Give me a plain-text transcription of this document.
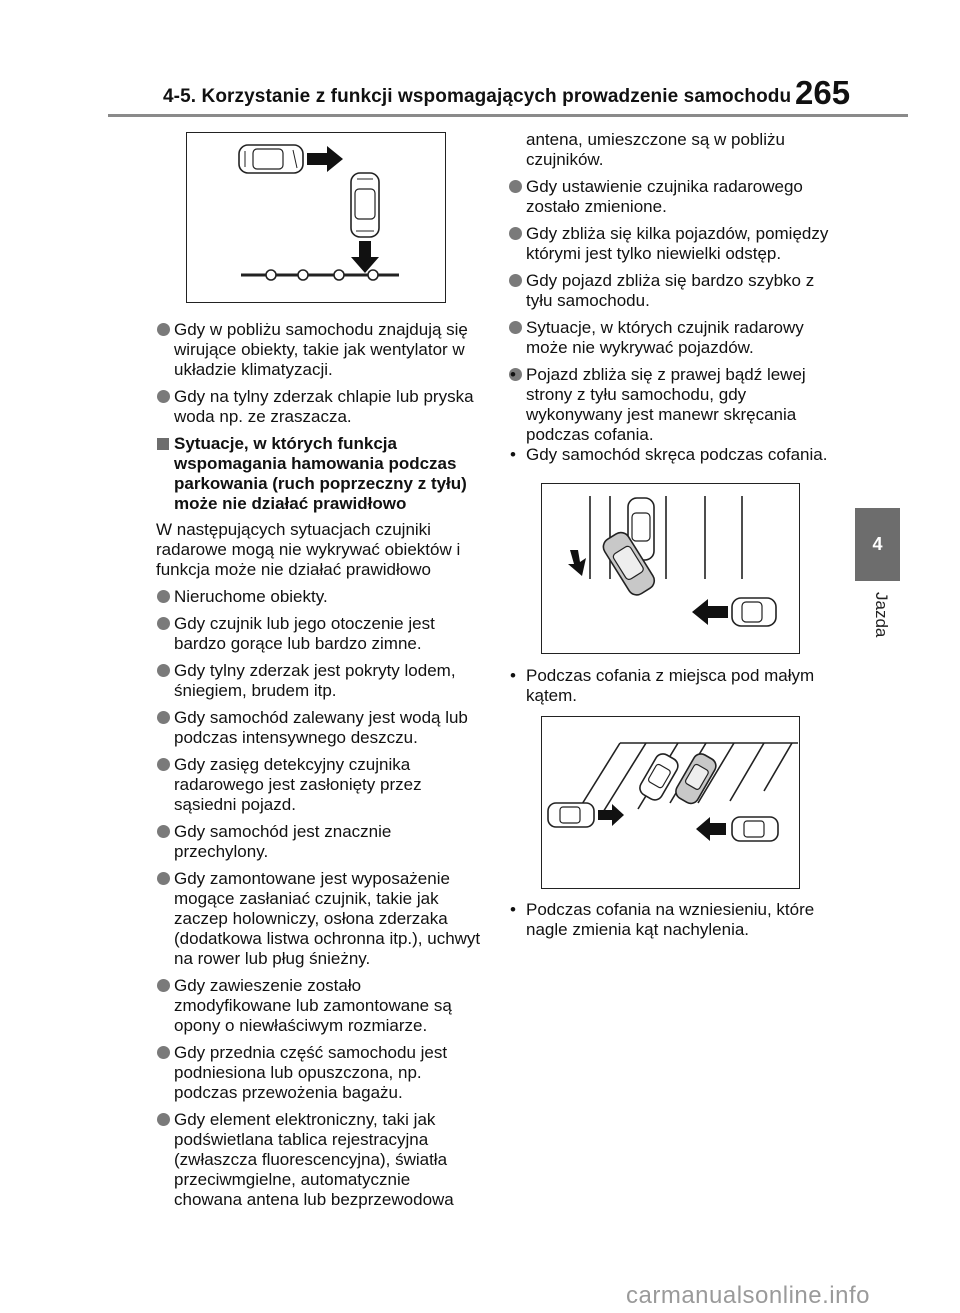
4-5. Korzystanie z funkcji wspomagających prowadzenie samochodu 265
4
Jazda
Gdy w pobliżu samochodu znajdują się wirujące obiekty, takie jak wentylator w układzie klimatyzacji.
Gdy na tylny zderzak chlapie lub pryska woda np. ze zraszacza.
Sytuacje, w których funkcja wspomagania hamowania podczas parkowania (ruch poprzeczny z tyłu) może nie działać prawidłowo
W następujących sytuacjach czujniki radarowe mogą nie wykrywać obiektów i funkcja może nie działać prawidłowo
Nieruchome obiekty.
Gdy czujnik lub jego otoczenie jest bardzo gorące lub bardzo zimne.
Gdy tylny zderzak jest pokryty lodem, śniegiem, brudem itp.
Gdy samochód zalewany jest wodą lub podczas intensywnego deszczu.
Gdy zasięg detekcyjny czujnika radarowego jest zasłonięty przez sąsiedni pojazd.
Gdy samochód jest znacznie przechylony.
Gdy zamontowane jest wyposażenie mogące zasłaniać czujnik, takie jak zaczep holowniczy, osłona zderzaka (dodatkowa listwa ochronna itp.), uchwyt na rower lub pług śnieżny.
Gdy zawieszenie zostało zmodyfikowane lub zamontowane są opony o niewłaściwym rozmiarze.
Gdy przednia część samochodu jest podniesiona lub opuszczona, np. podczas przewożenia bagażu.
Gdy element elektroniczny, taki jak podświetlana tablica rejestracyjna (zwłaszcza fluorescencyjna), światła przeciwmgielne, automatycznie chowana antena lub bezprzewodowa
antena, umieszczone są w pobliżu czujników.
Gdy ustawienie czujnika radarowego zostało zmienione.
Gdy zbliża się kilka pojazdów, pomiędzy którymi jest tylko niewielki odstęp.
Gdy pojazd zbliża się bardzo szybko z tyłu samochodu.
Sytuacje, w których czujnik radarowy może nie wykrywać pojazdów.
• Pojazd zbliża się z prawej bądź lewej strony z tyłu samochodu, gdy wykonywany jest manewr skręcania podczas cofania.
• Gdy samochód skręca podczas cofania.
• Podczas cofania z miejsca pod małym kątem.
• Podczas cofania na wzniesieniu, które nagle zmienia kąt nachylenia.
carmanualsonline.info
